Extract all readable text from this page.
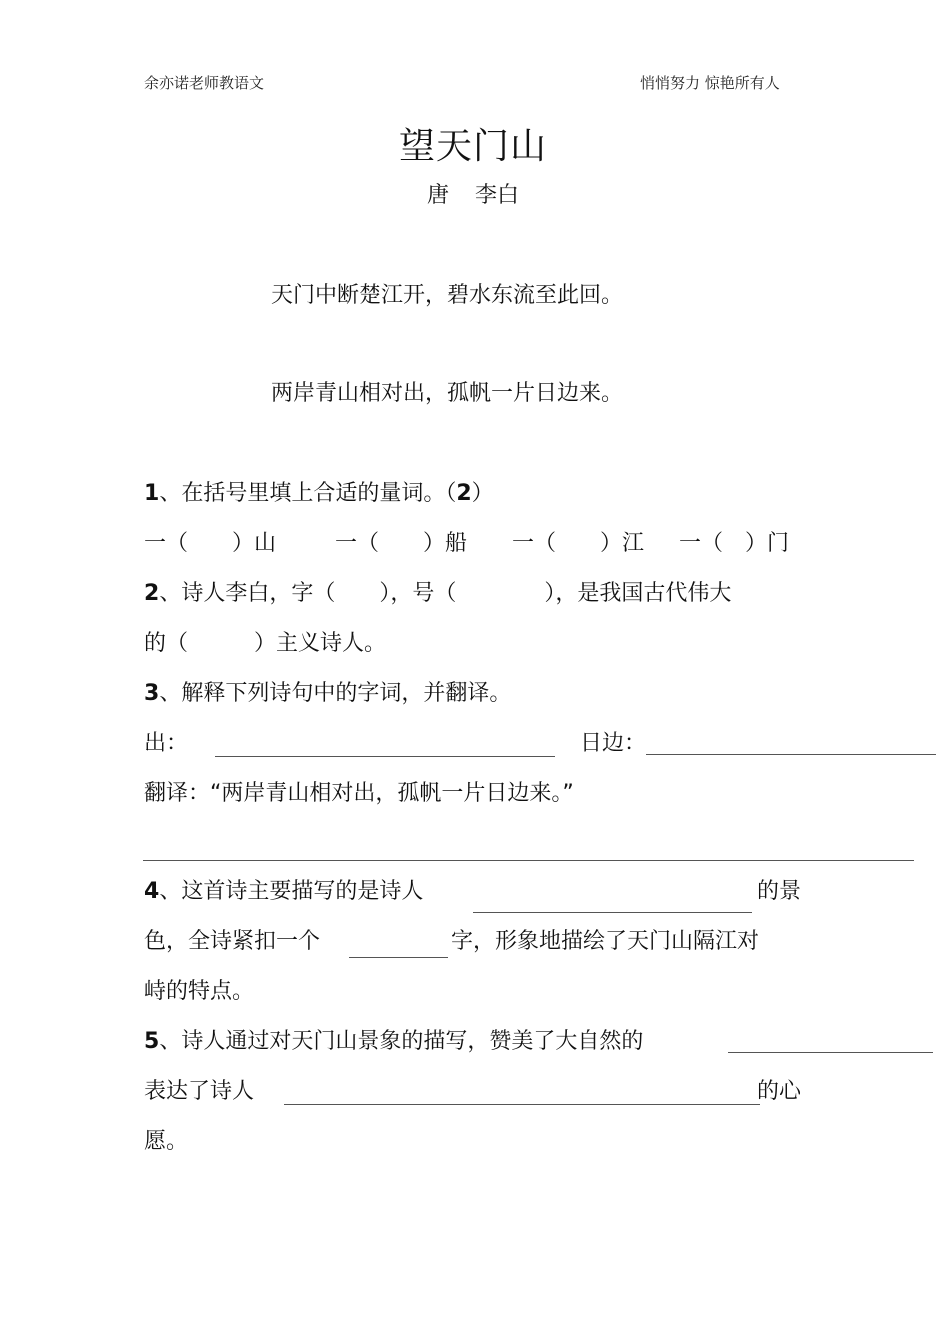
余亦诺老师教语文	悄悄努力 惊艳所有人
望天门山
唐 李白
天门中断楚江开，碧水东流至此回。
两岸青山相对出，孤帆一片日边来。
1、在括号里填上合适的量词。（2）
一（　　）山	一（　　）船 一（　　）江 一（　）门
2、诗人李白，字（　　），号（　　　　），是我国古代伟大
的（　　　）主义诗人。
3、解释下列诗句中的字词，并翻译。
出：	日边：
翻译：“两岸青山相对出，孤帆一片日边来。”
4、这首诗主要描写的是诗人	的景
色，全诗紧扣一个	字，形象地描绘了天门山隔江对
峙的特点。
5、诗人通过对天门山景象的描写，赞美了大自然的
表达了诗人	的心
愿。
